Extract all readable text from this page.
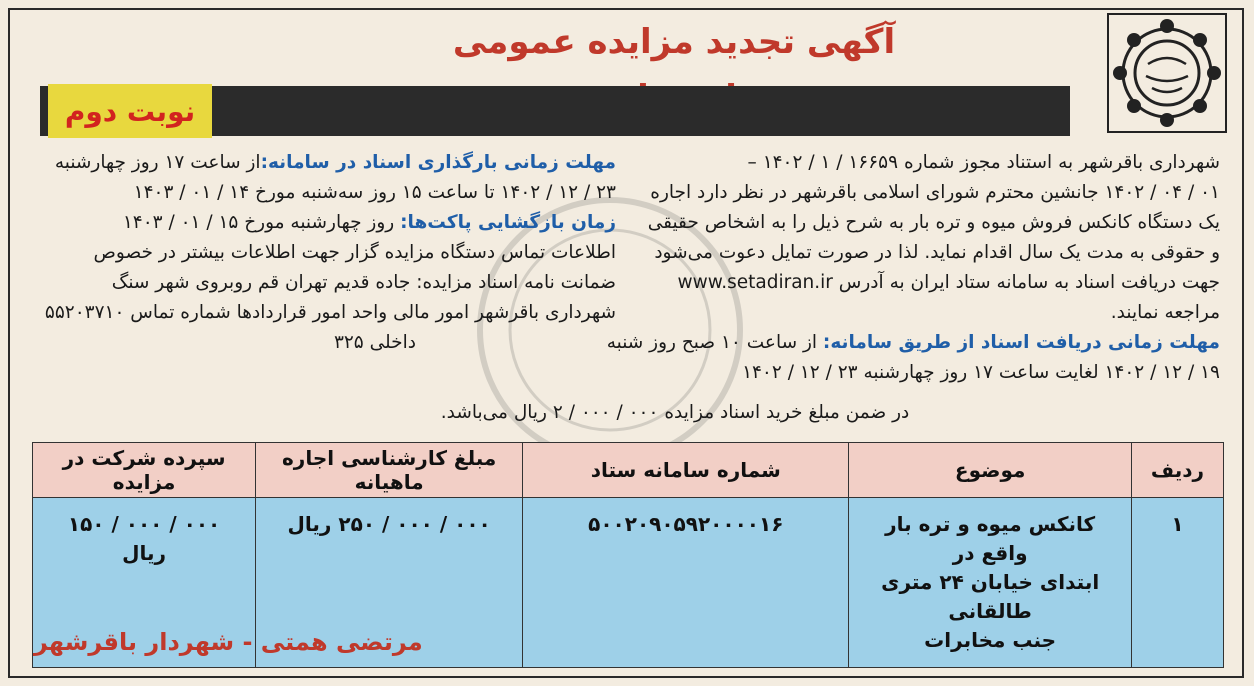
آگهی تجدید مزایده عمومی
نوبت دوم
شهرداری باقرشهر به استناد مجوز شماره ۱۶۶۵۹ / ۱ / ۱۴۰۲ –
۰۱ / ۰۴ / ۱۴۰۲ جانشین محترم شورای اسلامی باقرشهر در نظر دارد اجاره
یک دستگاه کانکس فروش میوه و تره بار به شرح ذیل را به اشخاص حقیقی
و حقوقی به مدت یک سال اقدام نماید. لذا در صورت تمایل دعوت می‌شود
جهت دریافت اسناد به سامانه ستاد ایران به آدرس www.setadiran.ir
مراجعه نمایند.
مهلت زمانی دریافت اسناد از طریق سامانه: از ساعت ۱۰ صبح روز شنبه
۱۹ / ۱۲ / ۱۴۰۲ لغایت ساعت ۱۷ روز چهارشنبه ۲۳ / ۱۲ / ۱۴۰۲
مهلت زمانی بارگذاری اسناد در سامانه:از ساعت ۱۷ روز چهارشنبه
۲۳ / ۱۲ / ۱۴۰۲ تا ساعت ۱۵ روز سه‌شنبه مورخ ۱۴ / ۰۱ / ۱۴۰۳
زمان بازگشایی پاکت‌ها: روز چهارشنبه مورخ ۱۵ / ۰۱ / ۱۴۰۳
اطلاعات تماس دستگاه مزایده گزار جهت اطلاعات بیشتر در خصوص
ضمانت نامه اسناد مزایده: جاده قدیم تهران قم روبروی شهر سنگ
شهرداری باقرشهر امور مالی واحد امور قراردادها شماره تماس ۵۵۲۰۳۷۱۰
داخلی ۳۲۵
در ضمن مبلغ خرید اسناد مزایده ۰۰۰ / ۰۰۰ / ۲ ریال می‌باشد.
ردیف	موضوع	شماره سامانه ستاد	مبلغ کارشناسی اجاره ماهیانه	سپرده شرکت در مزایده
۱	کانکس میوه و تره بار واقع در
ابتدای خیابان ۲۴ متری طالقانی
جنب مخابرات	۵۰۰۲۰۹۰۵۹۲۰۰۰۰۱۶	۰۰۰ / ۰۰۰ / ۲۵۰ ریال	۰۰۰ / ۰۰۰ / ۱۵۰ ریال
مرتضی همتی - شهردار باقرشهر
